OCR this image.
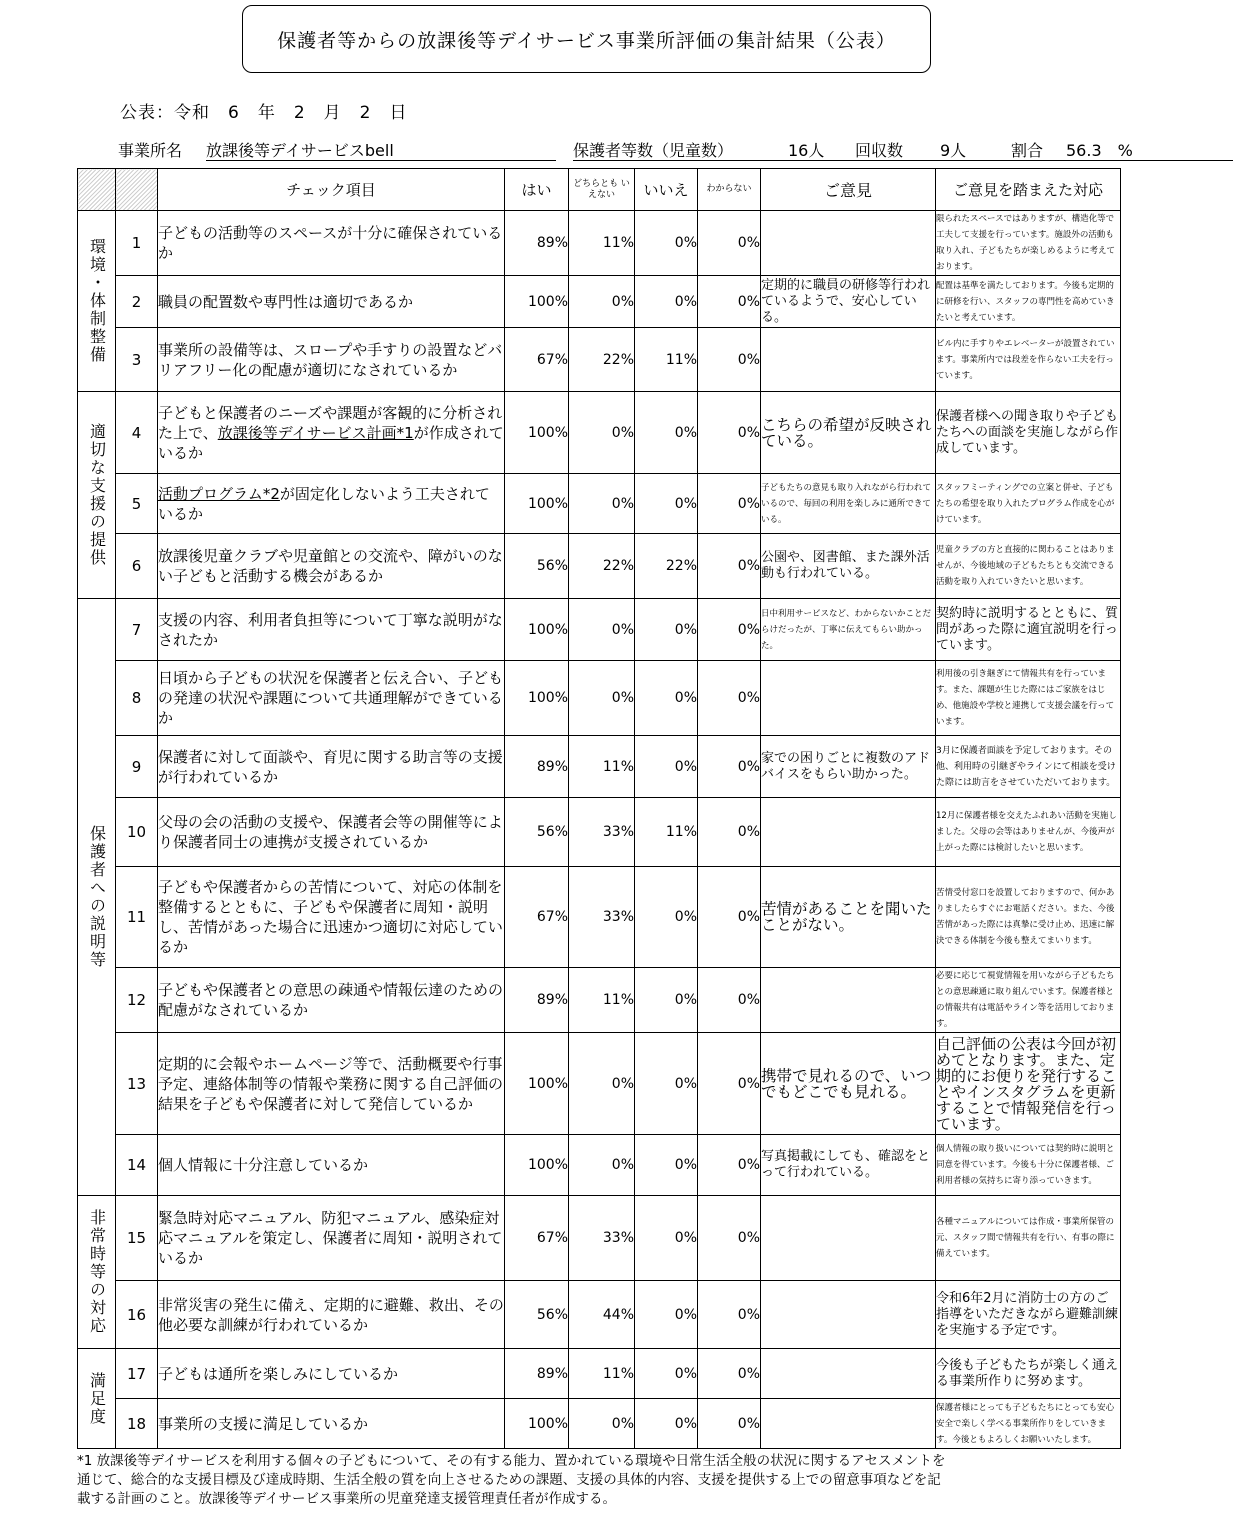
保護者等からの放課後等デイサービス事業所評価の集計結果（公表）
公表：令和　6　年　2　月　2　日
事業所名 放課後等デイサービスbell	保護者等数（児童数）	16人 回収数 9人	割合 56.3　%
		チェック項目	はい	どちらとも いえない	いいえ	わからない	ご意見	ご意見を踏まえた対応
環境・体制整備	1	子どもの活動等のスペースが十分に確保されているか	89%	11%	0%	0%		限られたスペースではありますが、構造化等で工夫して支援を行っています。施設外の活動も取り入れ、子どもたちが楽しめるように考えております。
	2	職員の配置数や専門性は適切であるか	100%	0%	0%	0%	定期的に職員の研修等行われているようで、安心している。	配置は基準を満たしております。今後も定期的に研修を行い、スタッフの専門性を高めていきたいと考えています。
	3	事業所の設備等は、スロープや手すりの設置などバリアフリー化の配慮が適切になされているか	67%	22%	11%	0%		ビル内に手すりやエレベーターが設置されています。事業所内では段差を作らない工夫を行っています。
適切な支援の提供	4	子どもと保護者のニーズや課題が客観的に分析された上で、放課後等デイサービス計画*1が作成されているか	100%	0%	0%	0%	こちらの希望が反映されている。	保護者様への聞き取りや子どもたちへの面談を実施しながら作成しています。
	5	活動プログラム*2が固定化しないよう工夫されているか	100%	0%	0%	0%	子どもたちの意見も取り入れながら行われているので、毎回の利用を楽しみに通所できている。	スタッフミーティングでの立案と併せ、子どもたちの希望を取り入れたプログラム作成を心がけています。
	6	放課後児童クラブや児童館との交流や、障がいのない子どもと活動する機会があるか	56%	22%	22%	0%	公園や、図書館、また課外活動も行われている。	児童クラブの方と直接的に関わることはありませんが、今後地域の子どもたちとも交流できる活動を取り入れていきたいと思います。
保護者への説明等	7	支援の内容、利用者負担等について丁寧な説明がなされたか	100%	0%	0%	0%	日中利用サービスなど、わからないかことだらけだったが、丁寧に伝えてもらい助かった。	契約時に説明するとともに、質問があった際に適宜説明を行っています。
	8	日頃から子どもの状況を保護者と伝え合い、子どもの発達の状況や課題について共通理解ができているか	100%	0%	0%	0%		利用後の引き継ぎにて情報共有を行っています。また、課題が生じた際にはご家族をはじめ、他施設や学校と連携して支援会議を行っています。
	9	保護者に対して面談や、育児に関する助言等の支援が行われているか	89%	11%	0%	0%	家での困りごとに複数のアドバイスをもらい助かった。	3月に保護者面談を予定しております。その他、利用時の引継ぎやラインにて相談を受けた際には助言をさせていただいております。
	10	父母の会の活動の支援や、保護者会等の開催等により保護者同士の連携が支援されているか	56%	33%	11%	0%		12月に保護者様を交えたふれあい活動を実施しました。父母の会等はありませんが、今後声が上がった際には検討したいと思います。
	11	子どもや保護者からの苦情について、対応の体制を整備するとともに、子どもや保護者に周知・説明し、苦情があった場合に迅速かつ適切に対応しているか	67%	33%	0%	0%	苦情があることを聞いたことがない。	苦情受付窓口を設置しておりますので、何かありましたらすぐにお電話ください。また、今後苦情があった際には真摯に受け止め、迅速に解決できる体制を今後も整えてまいります。
	12	子どもや保護者との意思の疎通や情報伝達のための配慮がなされているか	89%	11%	0%	0%		必要に応じて視覚情報を用いながら子どもたちとの意思疎通に取り組んでいます。保護者様との情報共有は電話やライン等を活用しております。
	13	定期的に会報やホームページ等で、活動概要や行事予定、連絡体制等の情報や業務に関する自己評価の結果を子どもや保護者に対して発信しているか	100%	0%	0%	0%	携帯で見れるので、いつでもどこでも見れる。	自己評価の公表は今回が初めてとなります。また、定期的にお便りを発行することやインスタグラムを更新することで情報発信を行っています。
	14	個人情報に十分注意しているか	100%	0%	0%	0%	写真掲載にしても、確認をとって行われている。	個人情報の取り扱いについては契約時に説明と同意を得ています。今後も十分に保護者様、ご利用者様の気持ちに寄り添っていきます。
非常時等の対応	15	緊急時対応マニュアル、防犯マニュアル、感染症対応マニュアルを策定し、保護者に周知・説明されているか	67%	33%	0%	0%		各種マニュアルについては作成・事業所保管の元、スタッフ間で情報共有を行い、有事の際に備えています。
	16	非常災害の発生に備え、定期的に避難、救出、その他必要な訓練が行われているか	56%	44%	0%	0%		令和6年2月に消防士の方のご指導をいただきながら避難訓練を実施する予定です。
満足度	17	子どもは通所を楽しみにしているか	89%	11%	0%	0%		今後も子どもたちが楽しく通える事業所作りに努めます。
	18	事業所の支援に満足しているか	100%	0%	0%	0%		保護者様にとっても子どもたちにとっても安心安全で楽しく学べる事業所作りをしていきます。今後ともよろしくお願いいたします。
*1 放課後等デイサービスを利用する個々の子どもについて、その有する能力、置かれている環境や日常生活全般の状況に関するアセスメントを通じて、総合的な支援目標及び達成時期、生活全般の質を向上させるための課題、支援の具体的内容、支援を提供する上での留意事項などを記載する計画のこと。放課後等デイサービス事業所の児童発達支援管理責任者が作成する。
